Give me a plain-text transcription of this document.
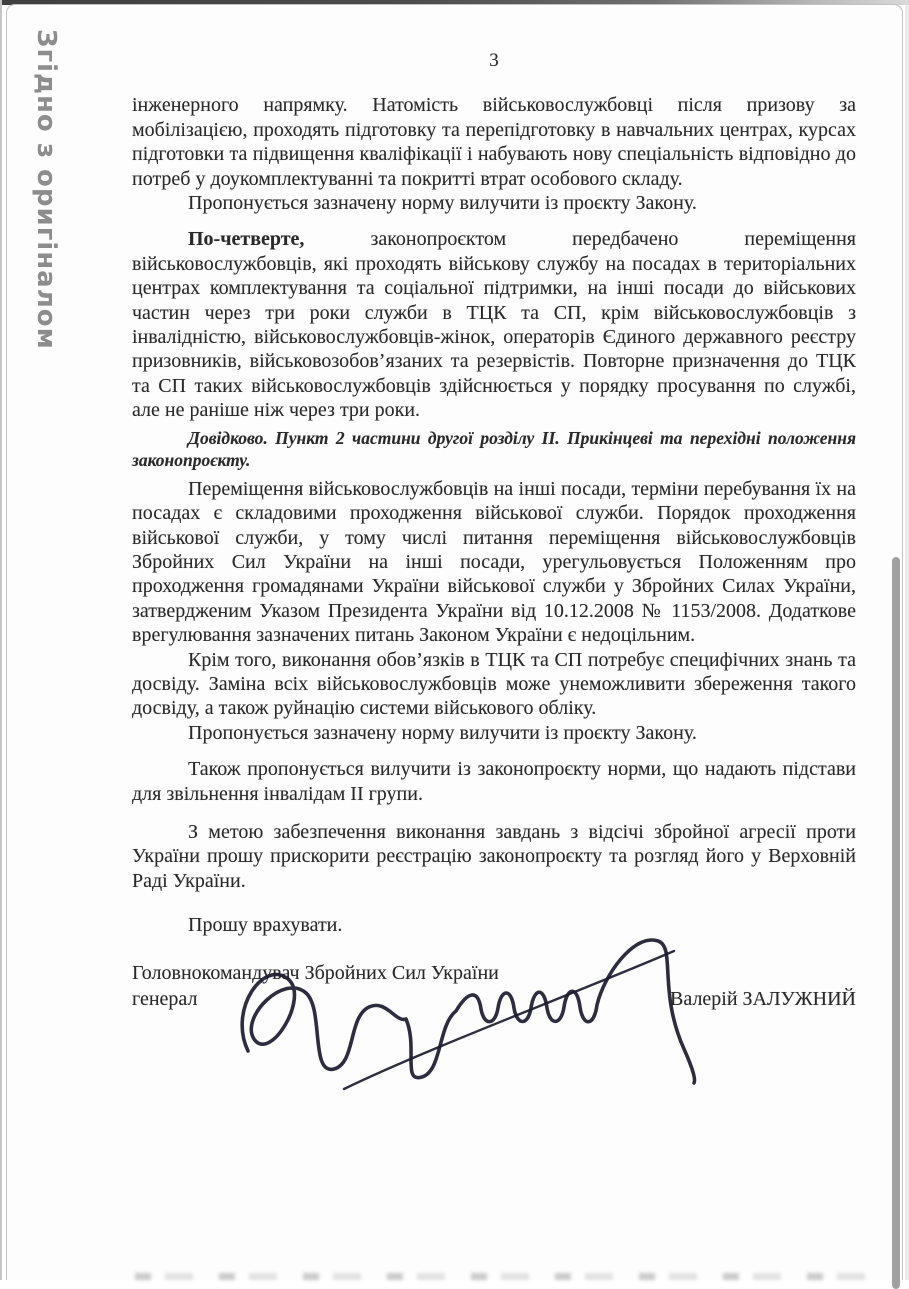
Згідно з оригіналом	3

інженерного напрямку. Натомість військовослужбовці після призову за мобілізацією, проходять підготовку та перепідготовку в навчальних центрах, курсах підготовки та підвищення кваліфікації і набувають нову спеціальність відповідно до потреб у доукомплектуванні та покритті втрат особового складу.

Пропонується зазначену норму вилучити із проєкту Закону.

По-четверте, законопроєктом передбачено переміщення військовослужбовців, які проходять військову службу на посадах в територіальних центрах комплектування та соціальної підтримки, на інші посади до військових частин через три роки служби в ТЦК та СП, крім військовослужбовців з інвалідністю, військовослужбовців-жінок, операторів Єдиного державного реєстру призовників, військовозобов’язаних та резервістів. Повторне призначення до ТЦК та СП таких військовослужбовців здійснюється у порядку просування по службі, але не раніше ніж через три роки.

Довідково. Пункт 2 частини другої розділу ІІ. Прикінцеві та перехідні положення законопроєкту.

Переміщення військовослужбовців на інші посади, терміни перебування їх на посадах є складовими проходження військової служби. Порядок проходження військової служби, у тому числі питання переміщення військовослужбовців Збройних Сил України на інші посади, урегульовується Положенням про проходження громадянами України військової служби у Збройних Силах України, затвердженим Указом Президента України від 10.12.2008 № 1153/2008. Додаткове врегулювання зазначених питань Законом України є недоцільним.

Крім того, виконання обов’язків в ТЦК та СП потребує специфічних знань та досвіду. Заміна всіх військовослужбовців може унеможливити збереження такого досвіду, а також руйнацію системи військового обліку.

Пропонується зазначену норму вилучити із проєкту Закону.

Також пропонується вилучити із законопроєкту норми, що надають підстави для звільнення інвалідам ІІ групи.

З метою забезпечення виконання завдань з відсічі збройної агресії проти України прошу прискорити реєстрацію законопроєкту та розгляд його у Верховній Раді України.

Прошу врахувати.

Головнокомандувач Збройних Сил України
генерал	Валерій ЗАЛУЖНИЙ
